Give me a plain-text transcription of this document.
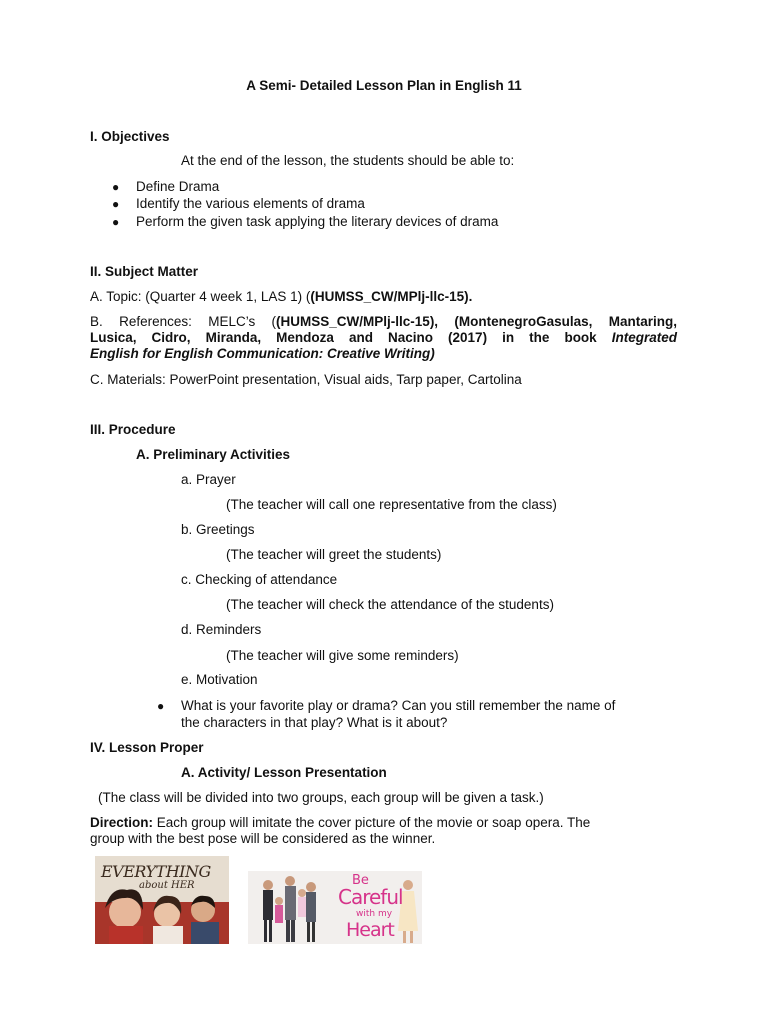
A Semi- Detailed Lesson Plan in English 11
I. Objectives
At the end of the lesson, the students should be able to:
● Define Drama
● Identify the various elements of drama
● Perform the given task applying the literary devices of drama
II. Subject Matter
A. Topic: (Quarter 4 week 1, LAS 1) ((HUMSS_CW/MPlj-llc-15).
B. References: MELC’s ((HUMSS_CW/MPlj-llc-15), (MontenegroGasulas, Mantaring,
Lusica, Cidro, Miranda, Mendoza and Nacino (2017) in the book Integrated
English for English Communication: Creative Writing)
C. Materials: PowerPoint presentation, Visual aids, Tarp paper, Cartolina
III. Procedure
A. Preliminary Activities
a. Prayer
(The teacher will call one representative from the class)
b. Greetings
(The teacher will greet the students)
c. Checking of attendance
(The teacher will check the attendance of the students)
d. Reminders
(The teacher will give some reminders)
e. Motivation
● What is your favorite play or drama? Can you still remember the name of
the characters in that play? What is it about?
IV. Lesson Proper
A. Activity/ Lesson Presentation
(The class will be divided into two groups, each group will be given a task.)
Direction: Each group will imitate the cover picture of the movie or soap opera. The
group with the best pose will be considered as the winner.
EVERYTHING
about HER	Be
Careful
with my
Heart
